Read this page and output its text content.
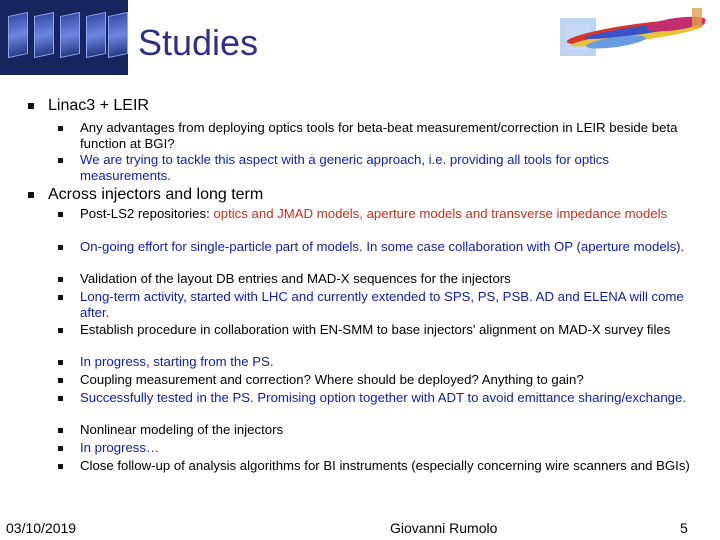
Studies
Linac3 + LEIR
Any advantages from deploying optics tools for beta-beat measurement/correction in LEIR beside beta function at BGI?
We are trying to tackle this aspect with a generic approach, i.e. providing all tools for optics measurements.
Across injectors and long term
Post-LS2 repositories: optics and JMAD models, aperture models and transverse impedance models
On-going effort for single-particle part of models. In some case collaboration with OP (aperture models).
Validation of the layout DB entries and MAD-X sequences for the injectors
Long-term activity, started with LHC and currently extended to SPS, PS, PSB. AD and ELENA will come after.
Establish procedure in collaboration with EN-SMM to base injectors' alignment on MAD-X survey files
In progress, starting from the PS.
Coupling measurement and correction? Where should be deployed? Anything to gain?
Successfully tested in the PS. Promising option together with ADT to avoid emittance sharing/exchange.
Nonlinear modeling of the injectors
In progress…
Close follow-up of analysis algorithms for BI instruments (especially concerning wire scanners and BGIs)
03/10/2019	Giovanni Rumolo	5
